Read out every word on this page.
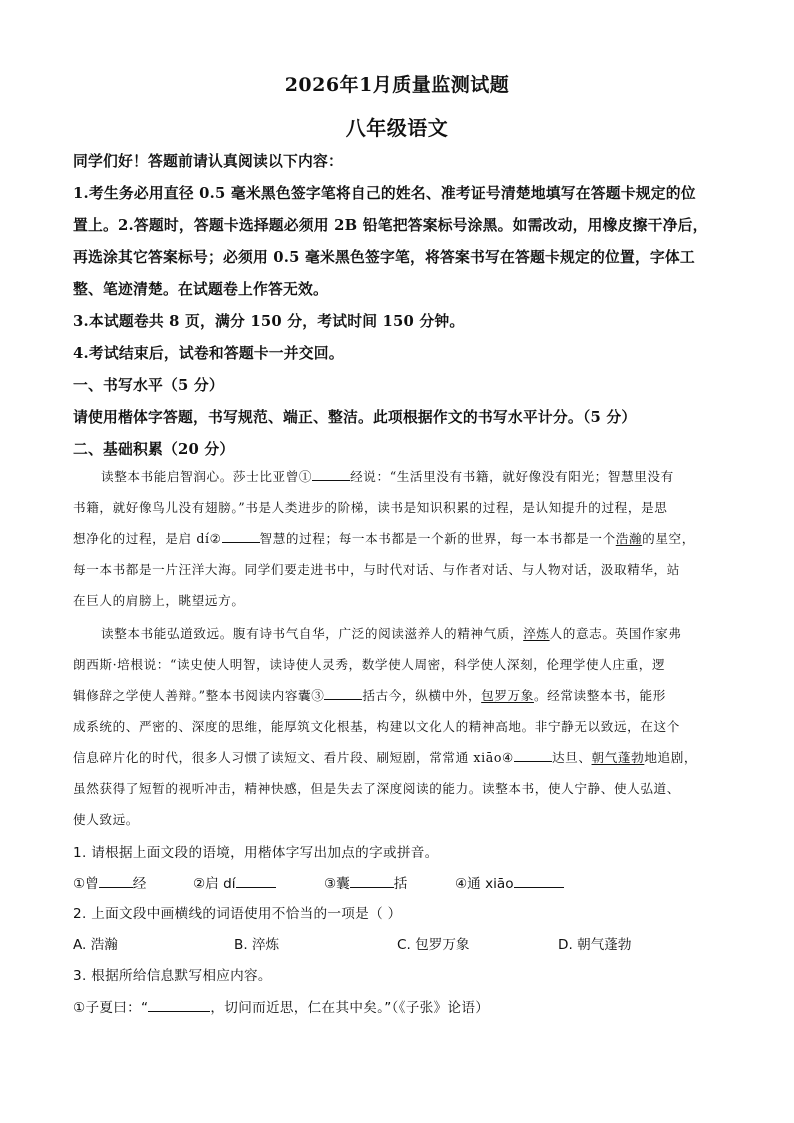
2026年1月质量监测试题
八年级语文
同学们好！答题前请认真阅读以下内容：
1.考生务必用直径 0.5 毫米黑色签字笔将自己的姓名、准考证号清楚地填写在答题卡规定的位
置上。2.答题时，答题卡选择题必须用 2B 铅笔把答案标号涂黑。如需改动，用橡皮擦干净后，
再选涂其它答案标号；必须用 0.5 毫米黑色签字笔，将答案书写在答题卡规定的位置，字体工
整、笔迹清楚。在试题卷上作答无效。
3.本试题卷共 8 页，满分 150 分，考试时间 150 分钟。
4.考试结束后，试卷和答题卡一并交回。
一、书写水平（5 分）
请使用楷体字答题，书写规范、端正、整洁。此项根据作文的书写水平计分。（5 分）
二、基础积累（20 分）
读整本书能启智润心。莎士比亚曾①	经说：“生活里没有书籍，就好像没有阳光；智慧里没有
书籍，就好像鸟儿没有翅膀。”书是人类进步的阶梯，读书是知识积累的过程，是认知提升的过程，是思
想净化的过程，是启 dí②	智慧的过程；每一本书都是一个新的世界，每一本书都是一个浩瀚的星空，
每一本书都是一片汪洋大海。同学们要走进书中，与时代对话、与作者对话、与人物对话，汲取精华，站
在巨人的肩膀上，眺望远方。
读整本书能弘道致远。腹有诗书气自华，广泛的阅读滋养人的精神气质，淬炼人的意志。英国作家弗
朗西斯·培根说：“读史使人明智，读诗使人灵秀，数学使人周密，科学使人深刻，伦理学使人庄重，逻
辑修辞之学使人善辩。”整本书阅读内容囊③	括古今，纵横中外，包罗万象。经常读整本书，能形
成系统的、严密的、深度的思维，能厚筑文化根基，构建以文化人的精神高地。非宁静无以致远，在这个
信息碎片化的时代，很多人习惯了读短文、看片段、刷短剧，常常通 xiāo④	达旦、朝气蓬勃地追剧，
虽然获得了短暂的视听冲击，精神快感，但是失去了深度阅读的能力。读整本书，使人宁静、使人弘道、
使人致远。
1. 请根据上面文段的语境，用楷体字写出加点的字或拼音。
①曾	经	②启 dí	③囊	括	④通 xiāo
2. 上面文段中画横线的词语使用不恰当的一项是（ ）
A. 浩瀚	B. 淬炼	C. 包罗万象	D. 朝气蓬勃
3. 根据所给信息默写相应内容。
①子夏曰：“	，切问而近思，仁在其中矣。”（《子张》论语）
